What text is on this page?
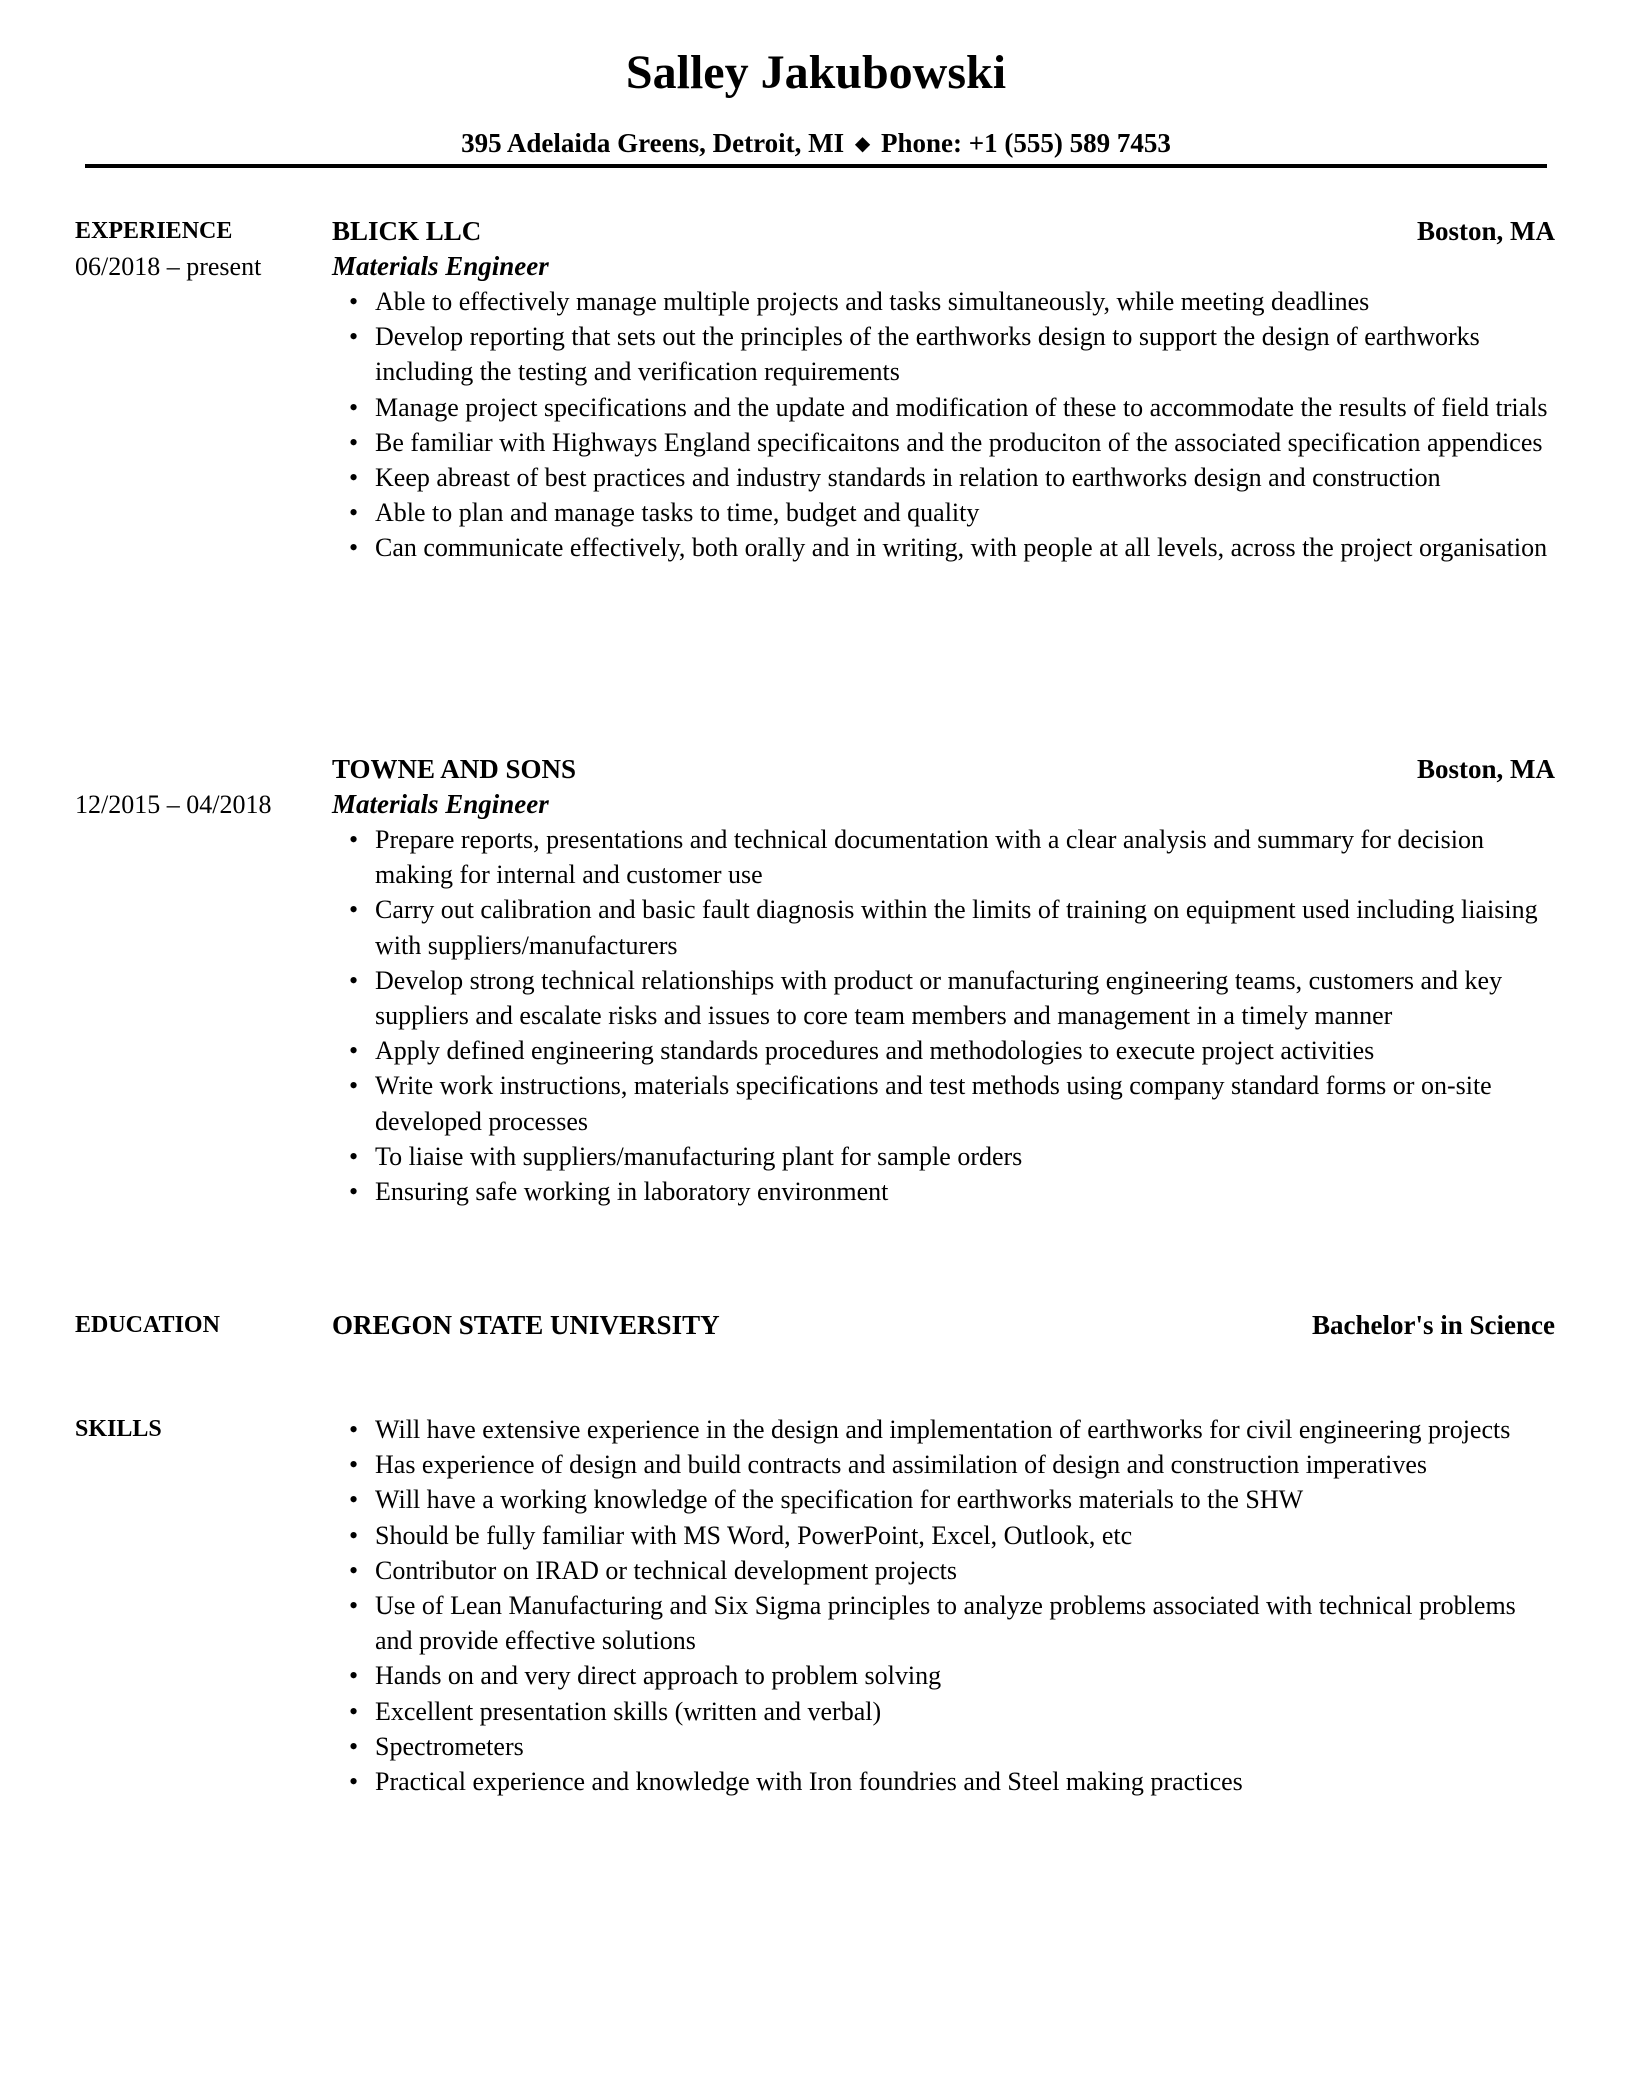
Salley Jakubowski
395 Adelaida Greens, Detroit, MI ◆ Phone: +1 (555) 589 7453
EXPERIENCE
06/2018 – present
BLICK LLC	Boston, MA
Materials Engineer
• Able to effectively manage multiple projects and tasks simultaneously, while meeting deadlines
• Develop reporting that sets out the principles of the earthworks design to support the design of earthworks including the testing and verification requirements
• Manage project specifications and the update and modification of these to accommodate the results of field trials
• Be familiar with Highways England specificaitons and the produciton of the associated specification appendices
• Keep abreast of best practices and industry standards in relation to earthworks design and construction
• Able to plan and manage tasks to time, budget and quality
• Can communicate effectively, both orally and in writing, with people at all levels, across the project organisation
12/2015 – 04/2018
TOWNE AND SONS	Boston, MA
Materials Engineer
• Prepare reports, presentations and technical documentation with a clear analysis and summary for decision making for internal and customer use
• Carry out calibration and basic fault diagnosis within the limits of training on equipment used including liaising with suppliers/manufacturers
• Develop strong technical relationships with product or manufacturing engineering teams, customers and key suppliers and escalate risks and issues to core team members and management in a timely manner
• Apply defined engineering standards procedures and methodologies to execute project activities
• Write work instructions, materials specifications and test methods using company standard forms or on-site developed processes
• To liaise with suppliers/manufacturing plant for sample orders
• Ensuring safe working in laboratory environment
EDUCATION	OREGON STATE UNIVERSITY	Bachelor's in Science
SKILLS	• Will have extensive experience in the design and implementation of earthworks for civil engineering projects
• Has experience of design and build contracts and assimilation of design and construction imperatives
• Will have a working knowledge of the specification for earthworks materials to the SHW
• Should be fully familiar with MS Word, PowerPoint, Excel, Outlook, etc
• Contributor on IRAD or technical development projects
• Use of Lean Manufacturing and Six Sigma principles to analyze problems associated with technical problems and provide effective solutions
• Hands on and very direct approach to problem solving
• Excellent presentation skills (written and verbal)
• Spectrometers
• Practical experience and knowledge with Iron foundries and Steel making practices
